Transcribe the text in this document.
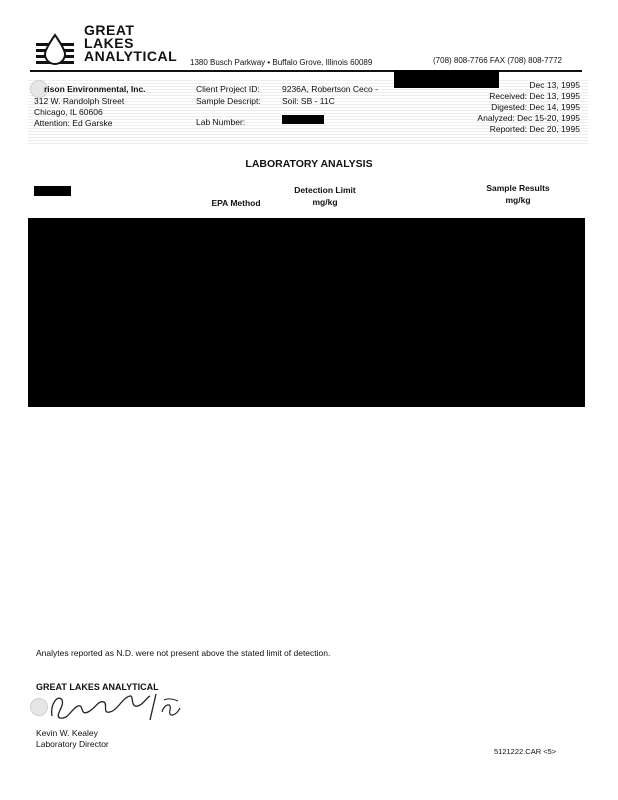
GREAT
LAKES
ANALYTICAL 1380 Busch Parkway • Buffalo Grove, Illinois 60089	(708) 808-7766 FAX (708) 808-7772
rison Environmental, Inc.
312 W. Randolph Street
Chicago, IL 60606
Attention: Ed Garske
Client Project ID:	9236A, Robertson Ceco -
Sample Descript:	Soil: SB - 11C
Lab Number:
Dec 13, 1995
Received: Dec 13, 1995
Digested: Dec 14, 1995
Analyzed: Dec 15-20, 1995
Reported: Dec 20, 1995
LABORATORY ANALYSIS
EPA Method
Detection Limit
mg/kg
Sample Results
mg/kg
Analytes reported as N.D. were not present above the stated limit of detection.
GREAT LAKES ANALYTICAL
Kevin W. Kealey
Laboratory Director
5121222.CAR <5>
